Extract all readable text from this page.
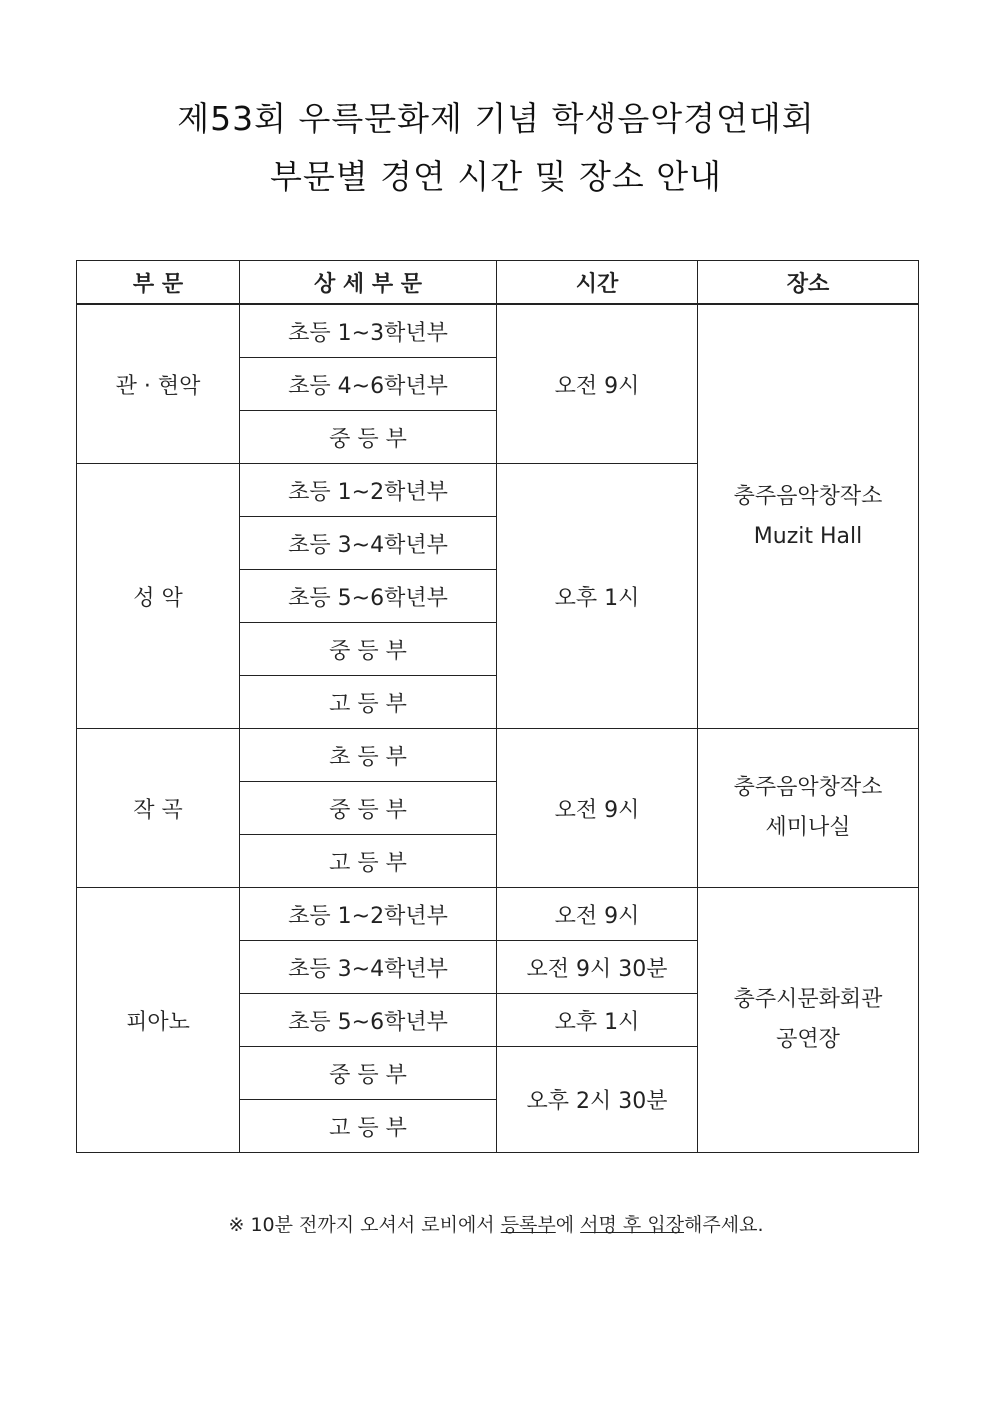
제53회 우륵문화제 기념 학생음악경연대회
부문별 경연 시간 및 장소 안내
부 문	상 세 부 문	시간	장소
관 · 현악	초등 1~3학년부	오전 9시	충주음악창작소
Muzit Hall

	초등 4~6학년부		
	중 등 부		
성 악	초등 1~2학년부	오후 1시	
	초등 3~4학년부		
	초등 5~6학년부		
	중 등 부		
	고 등 부		
작 곡	초 등 부	오전 9시	충주음악창작소
세미나실

	중 등 부		
	고 등 부		
피아노	초등 1~2학년부	오전 9시	충주시문화회관
공연장

	초등 3~4학년부	오전 9시 30분	
	초등 5~6학년부	오후 1시	
	중 등 부	오후 2시 30분	
	고 등 부		
※ 10분 전까지 오셔서 로비에서 등록부에 서명 후 입장해주세요.
